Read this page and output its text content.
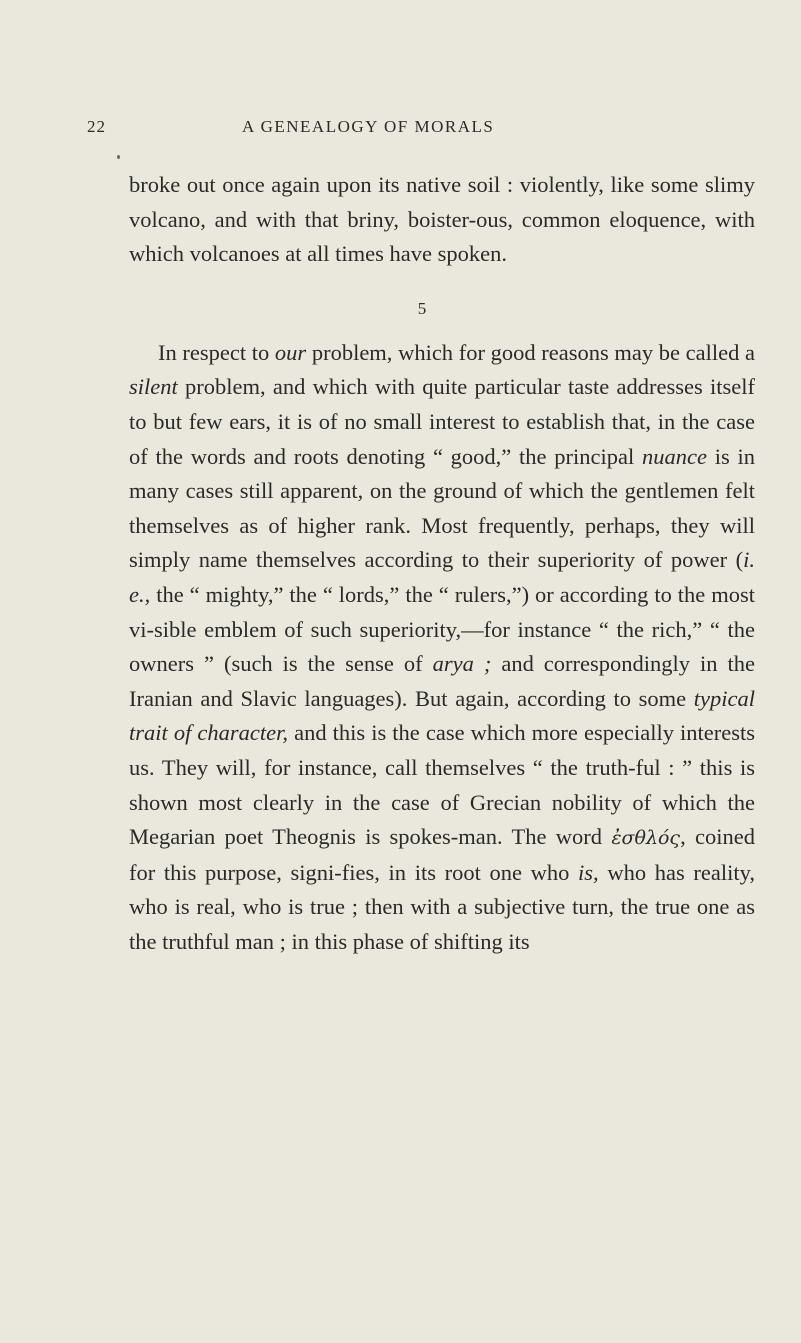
22	A GENEALOGY OF MORALS

broke out once again upon its native soil : violently, like some slimy volcano, and with that briny, boister-ous, common eloquence, with which volcanoes at all times have spoken.

5

In respect to our problem, which for good reasons may be called a silent problem, and which with quite particular taste addresses itself to but few ears, it is of no small interest to establish that, in the case of the words and roots denoting “ good,” the principal nuance is in many cases still apparent, on the ground of which the gentlemen felt themselves as of higher rank. Most frequently, perhaps, they will simply name themselves according to their superiority of power (i. e., the “ mighty,” the “ lords,” the “ rulers,”) or according to the most vi-sible emblem of such superiority,—for instance “ the rich,” “ the owners ” (such is the sense of arya ; and correspondingly in the Iranian and Slavic languages). But again, according to some typical trait of character, and this is the case which more especially interests us. They will, for instance, call themselves “ the truth-ful : ” this is shown most clearly in the case of Grecian nobility of which the Megarian poet Theognis is spokes-man. The word ἐσθλός, coined for this purpose, signi-fies, in its root one who is, who has reality, who is real, who is true ; then with a subjective turn, the true one as the truthful man ; in this phase of shifting its
